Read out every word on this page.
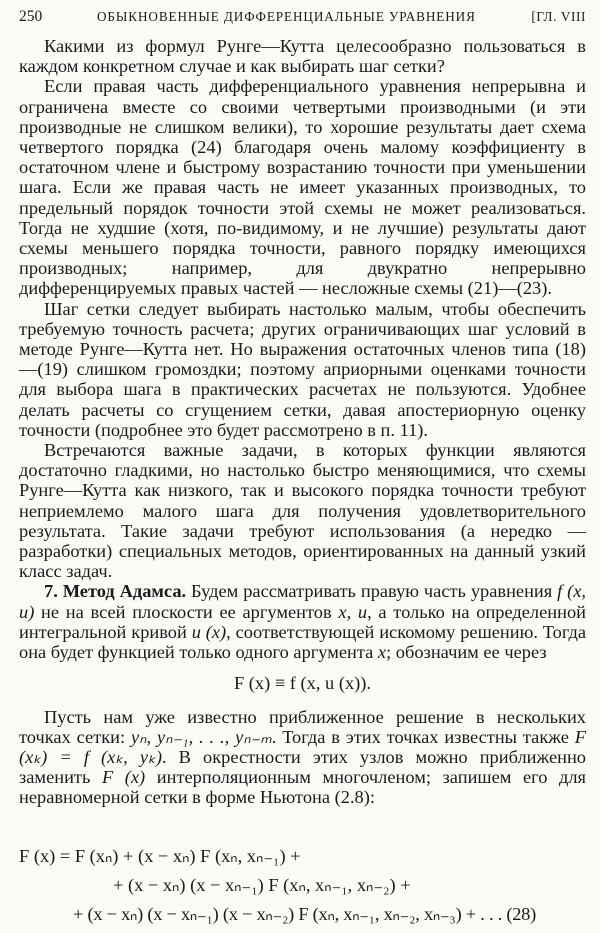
250	ОБЫКНОВЕННЫЕ ДИФФЕРЕНЦИАЛЬНЫЕ УРАВНЕНИЯ	[ГЛ. VIII

Какими из формул Рунге—Кутта целесообразно пользоваться в каждом конкретном случае и как выбирать шаг сетки?

Если правая часть дифференциального уравнения непрерывна и ограничена вместе со своими четвертыми производными (и эти производные не слишком велики), то хорошие результаты дает схема четвертого порядка (24) благодаря очень малому коэффициенту в остаточном члене и быстрому возрастанию точности при уменьшении шага. Если же правая часть не имеет указанных производных, то предельный порядок точности этой схемы не может реализоваться. Тогда не худшие (хотя, по-видимому, и не лучшие) результаты дают схемы меньшего порядка точности, равного порядку имеющихся производных; например, для двукратно непрерывно дифференцируемых правых частей — несложные схемы (21)—(23).

Шаг сетки следует выбирать настолько малым, чтобы обеспечить требуемую точность расчета; других ограничивающих шаг условий в методе Рунге—Кутта нет. Но выражения остаточных членов типа (18)—(19) слишком громоздки; поэтому априорными оценками точности для выбора шага в практических расчетах не пользуются. Удобнее делать расчеты со сгущением сетки, давая апостериорную оценку точности (подробнее это будет рассмотрено в п. 11).

Встречаются важные задачи, в которых функции являются достаточно гладкими, но настолько быстро меняющимися, что схемы Рунге—Кутта как низкого, так и высокого порядка точности требуют неприемлемо малого шага для получения удовлетворительного результата. Такие задачи требуют использования (а нередко — разработки) специальных методов, ориентированных на данный узкий класс задач.

7. Метод Адамса. Будем рассматривать правую часть уравнения f (x, u) не на всей плоскости ее аргументов x, u, а только на определенной интегральной кривой u (x), соответствующей искомому решению. Тогда она будет функцией только одного аргумента x; обозначим ее через

F (x) ≡ f (x, u (x)).

Пусть нам уже известно приближенное решение в нескольких точках сетки: yₙ, yₙ₋₁, . . ., yₙ₋ₘ. Тогда в этих точках известны также F (xₖ) = f (xₖ, yₖ). В окрестности этих узлов можно приближенно заменить F (x) интерполяционным многочленом; запишем его для неравномерной сетки в форме Ньютона (2.8):

F (x) = F (xₙ) + (x − xₙ) F (xₙ, xₙ₋₁) +
+ (x − xₙ) (x − xₙ₋₁) F (xₙ, xₙ₋₁, xₙ₋₂) +
+ (x − xₙ) (x − xₙ₋₁) (x − xₙ₋₂) F (xₙ, xₙ₋₁, xₙ₋₂, xₙ₋₃) + . . . (28)
